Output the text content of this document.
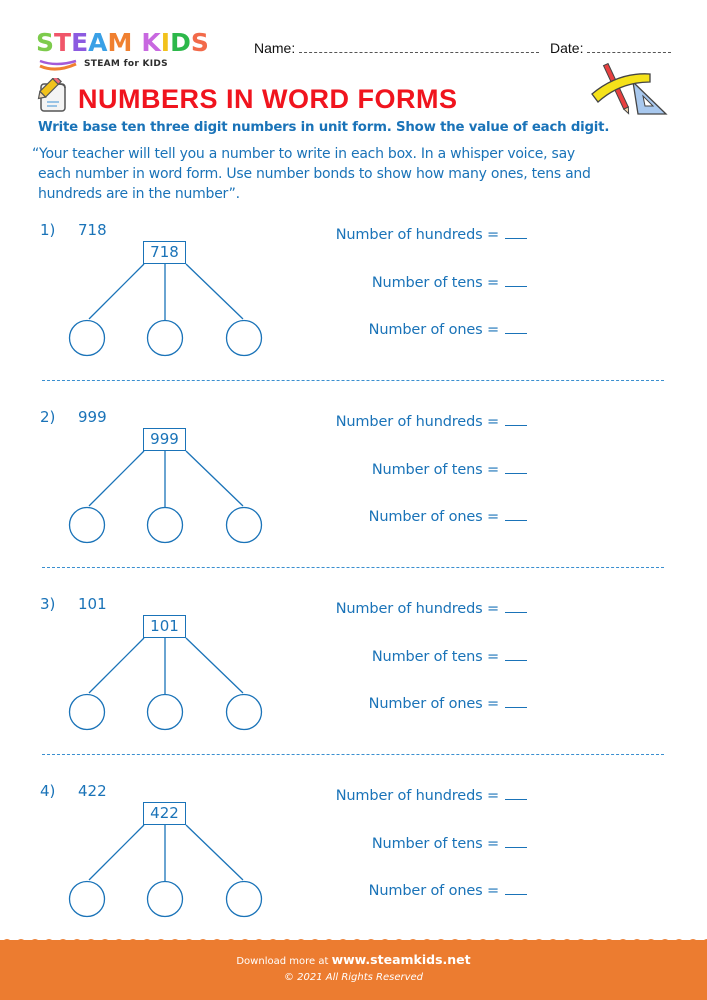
STEAM KIDS
STEAM for KIDS
Name:	Date:
NUMBERS IN WORD FORMS
Write base ten three digit numbers in unit form. Show the value of each digit.
“Your teacher will tell you a number to write in each box. In a whisper voice, say
each number in word form. Use number bonds to show how many ones, tens and
hundreds are in the number”.
1) 718
718
Number of hundreds =
Number of tens =
Number of ones =
2) 999
999
Number of hundreds =
Number of tens =
Number of ones =
3) 101
101
Number of hundreds =
Number of tens =
Number of ones =
4) 422
422
Number of hundreds =
Number of tens =
Number of ones =
Download more at www.steamkids.net
© 2021 All Rights Reserved
